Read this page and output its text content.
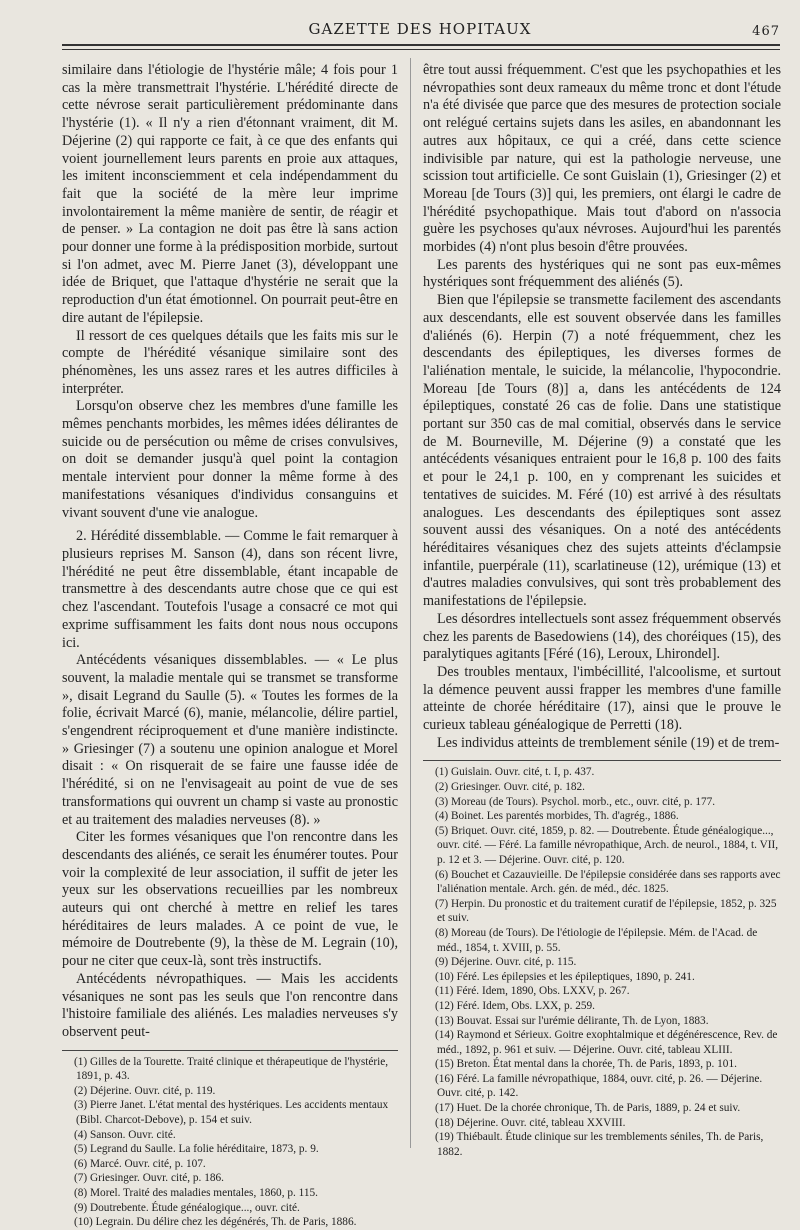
GAZETTE DES HOPITAUX	467

similaire dans l'étiologie de l'hystérie mâle; 4 fois pour 1 cas la mère transmettrait l'hystérie. L'hérédité directe de cette névrose serait particulièrement prédominante dans l'hystérie (1). « Il n'y a rien d'étonnant vraiment, dit M. Déjerine (2) qui rapporte ce fait, à ce que des enfants qui voient journellement leurs parents en proie aux attaques, les imitent inconsciemment et cela indépendamment du fait que la société de la mère leur imprime involontairement la même manière de sentir, de réagir et de penser. » La contagion ne doit pas être là sans action pour donner une forme à la prédisposition morbide, surtout si l'on admet, avec M. Pierre Janet (3), développant une idée de Briquet, que l'attaque d'hystérie ne serait que la reproduction d'un état émotionnel. On pourrait peut-être en dire autant de l'épilepsie.

Il ressort de ces quelques détails que les faits mis sur le compte de l'hérédité vésanique similaire sont des phénomènes, les uns assez rares et les autres difficiles à interpréter.

Lorsqu'on observe chez les membres d'une famille les mêmes penchants morbides, les mêmes idées délirantes de suicide ou de persécution ou même de crises convulsives, on doit se demander jusqu'à quel point la contagion mentale intervient pour donner la même forme à des manifestations vésaniques d'individus consanguins et vivant souvent d'une vie analogue.

2. Hérédité dissemblable. — Comme le fait remarquer à plusieurs reprises M. Sanson (4), dans son récent livre, l'hérédité ne peut être dissemblable, étant incapable de transmettre à des descendants autre chose que ce qui est chez l'ascendant. Toutefois l'usage a consacré ce mot qui exprime suffisamment les faits dont nous nous occupons ici.

Antécédents vésaniques dissemblables. — « Le plus souvent, la maladie mentale qui se transmet se transforme », disait Legrand du Saulle (5). « Toutes les formes de la folie, écrivait Marcé (6), manie, mélancolie, délire partiel, s'engendrent réciproquement et d'une manière indistincte. » Griesinger (7) a soutenu une opinion analogue et Morel disait : « On risquerait de se faire une fausse idée de l'hérédité, si on ne l'envisageait au point de vue de ses transformations qui ouvrent un champ si vaste au pronostic et au traitement des maladies nerveuses (8). »

Citer les formes vésaniques que l'on rencontre dans les descendants des aliénés, ce serait les énumérer toutes. Pour voir la complexité de leur association, il suffit de jeter les yeux sur les observations recueillies par les nombreux auteurs qui ont cherché à mettre en relief les tares héréditaires de leurs malades. A ce point de vue, le mémoire de Doutrebente (9), la thèse de M. Legrain (10), pour ne citer que ceux-là, sont très instructifs.

Antécédents névropathiques. — Mais les accidents vésaniques ne sont pas les seuls que l'on rencontre dans l'histoire familiale des aliénés. Les maladies nerveuses s'y observent peut-

(1) Gilles de la Tourette. Traité clinique et thérapeutique de l'hystérie, 1891, p. 43.
(2) Déjerine. Ouvr. cité, p. 119.
(3) Pierre Janet. L'état mental des hystériques. Les accidents mentaux (Bibl. Charcot-Debove), p. 154 et suiv.
(4) Sanson. Ouvr. cité.
(5) Legrand du Saulle. La folie héréditaire, 1873, p. 9.
(6) Marcé. Ouvr. cité, p. 107.
(7) Griesinger. Ouvr. cité, p. 186.
(8) Morel. Traité des maladies mentales, 1860, p. 115.
(9) Doutrebente. Étude généalogique..., ouvr. cité.
(10) Legrain. Du délire chez les dégénérés, Th. de Paris, 1886.

être tout aussi fréquemment. C'est que les psychopathies et les névropathies sont deux rameaux du même tronc et dont l'étude n'a été divisée que parce que des mesures de protection sociale ont relégué certains sujets dans les asiles, en abandonnant les autres aux hôpitaux, ce qui a créé, dans cette science indivisible par nature, qui est la pathologie nerveuse, une scission tout artificielle. Ce sont Guislain (1), Griesinger (2) et Moreau [de Tours (3)] qui, les premiers, ont élargi le cadre de l'hérédité psychopathique. Mais tout d'abord on n'associa guère les psychoses qu'aux névroses. Aujourd'hui les parentés morbides (4) n'ont plus besoin d'être prouvées.

Les parents des hystériques qui ne sont pas eux-mêmes hystériques sont fréquemment des aliénés (5).

Bien que l'épilepsie se transmette facilement des ascendants aux descendants, elle est souvent observée dans les familles d'aliénés (6). Herpin (7) a noté fréquemment, chez les descendants des épileptiques, les diverses formes de l'aliénation mentale, le suicide, la mélancolie, l'hypocondrie. Moreau [de Tours (8)] a, dans les antécédents de 124 épileptiques, constaté 26 cas de folie. Dans une statistique portant sur 350 cas de mal comitial, observés dans le service de M. Bourneville, M. Déjerine (9) a constaté que les antécédents vésaniques entraient pour le 16,8 p. 100 des faits et pour le 24,1 p. 100, en y comprenant les suicides et tentatives de suicides. M. Féré (10) est arrivé à des résultats analogues. Les descendants des épileptiques sont assez souvent aussi des vésaniques. On a noté des antécédents héréditaires vésaniques chez des sujets atteints d'éclampsie infantile, puerpérale (11), scarlatineuse (12), urémique (13) et d'autres maladies convulsives, qui sont très probablement des manifestations de l'épilepsie.

Les désordres intellectuels sont assez fréquemment observés chez les parents de Basedowiens (14), des choréiques (15), des paralytiques agitants [Féré (16), Leroux, Lhirondel].

Des troubles mentaux, l'imbécillité, l'alcoolisme, et surtout la démence peuvent aussi frapper les membres d'une famille atteinte de chorée héréditaire (17), ainsi que le prouve le curieux tableau généalogique de Perretti (18).

Les individus atteints de tremblement sénile (19) et de trem-

(1) Guislain. Ouvr. cité, t. I, p. 437.
(2) Griesinger. Ouvr. cité, p. 182.
(3) Moreau (de Tours). Psychol. morb., etc., ouvr. cité, p. 177.
(4) Boinet. Les parentés morbides, Th. d'agrég., 1886.
(5) Briquet. Ouvr. cité, 1859, p. 82. — Doutrebente. Étude généalogique..., ouvr. cité. — Féré. La famille névropathique, Arch. de neurol., 1884, t. VII, p. 12 et 3. — Déjerine. Ouvr. cité, p. 120.
(6) Bouchet et Cazauvieille. De l'épilepsie considérée dans ses rapports avec l'aliénation mentale. Arch. gén. de méd., déc. 1825.
(7) Herpin. Du pronostic et du traitement curatif de l'épilepsie, 1852, p. 325 et suiv.
(8) Moreau (de Tours). De l'étiologie de l'épilepsie. Mém. de l'Acad. de méd., 1854, t. XVIII, p. 55.
(9) Déjerine. Ouvr. cité, p. 115.
(10) Féré. Les épilepsies et les épileptiques, 1890, p. 241.
(11) Féré. Idem, 1890, Obs. LXXV, p. 267.
(12) Féré. Idem, Obs. LXX, p. 259.
(13) Bouvat. Essai sur l'urémie délirante, Th. de Lyon, 1883.
(14) Raymond et Sérieux. Goitre exophtalmique et dégénérescence, Rev. de méd., 1892, p. 961 et suiv. — Déjerine. Ouvr. cité, tableau XLIII.
(15) Breton. État mental dans la chorée, Th. de Paris, 1893, p. 101.
(16) Féré. La famille névropathique, 1884, ouvr. cité, p. 26. — Déjerine. Ouvr. cité, p. 142.
(17) Huet. De la chorée chronique, Th. de Paris, 1889, p. 24 et suiv.
(18) Déjerine. Ouvr. cité, tableau XXVIII.
(19) Thiébault. Étude clinique sur les tremblements séniles, Th. de Paris, 1882.
